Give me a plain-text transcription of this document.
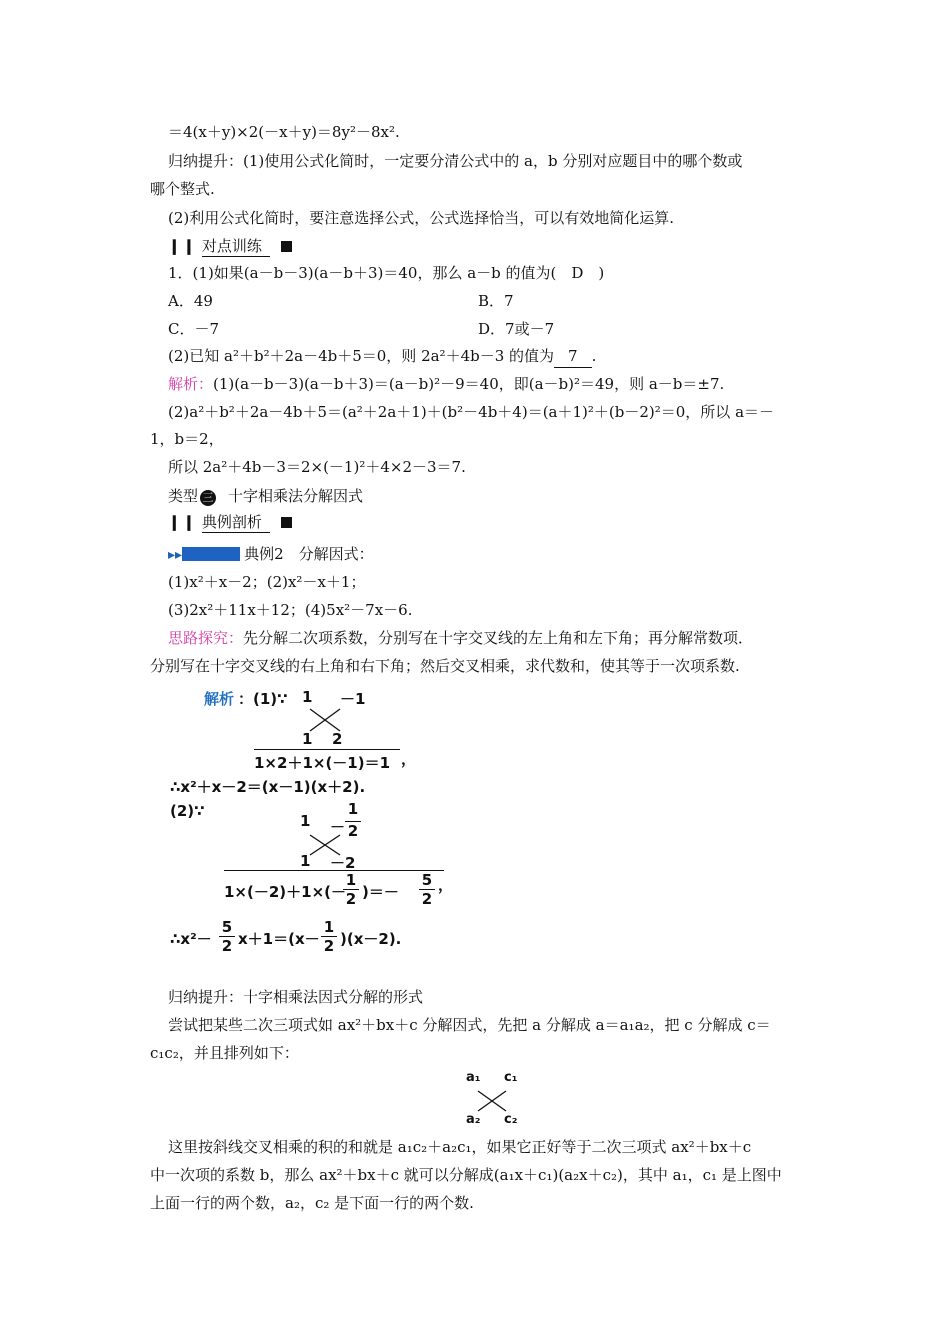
＝4(x＋y)×2(－x＋y)＝8y²－8x².
归纳提升：(1)使用公式化简时，一定要分清公式中的 a，b 分别对应题目中的哪个数或
哪个整式.
(2)利用公式化简时，要注意选择公式，公式选择恰当，可以有效地简化运算.
❙❙ 对点训练
1．(1)如果(a－b－3)(a－b＋3)＝40，那么 a－b 的值为(　D　)
A．49	B．7
C．－7	D．7或－7
(2)已知 a²＋b²＋2a－4b＋5＝0，则 2a²＋4b－3 的值为 7 .
解析：(1)(a－b－3)(a－b＋3)＝(a－b)²－9＝40，即(a－b)²＝49，则 a－b＝±7.
(2)a²＋b²＋2a－4b＋5＝(a²＋2a＋1)＋(b²－4b＋4)＝(a＋1)²＋(b－2)²＝0，所以 a＝－
1，b＝2，
所以 2a²＋4b－3＝2×(－1)²＋4×2－3＝7.
类型 三 十字相乘法分解因式
❙❙ 典例剖析
▸▸	典例2　分解因式：
(1)x²＋x－2；(2)x²－x＋1；
(3)2x²＋11x＋12；(4)5x²－7x－6.
思路探究：先分解二次项系数，分别写在十字交叉线的左上角和左下角；再分解常数项．
分别写在十字交叉线的右上角和右下角；然后交叉相乘，求代数和，使其等于一次项系数.
解析 ：(1)∵ 1 －1
1 2
1×2＋1×(－1)＝1 ，
∴x²＋x－2＝(x－1)(x＋2).
(2)∵
1 －
1
2
1 －2
1×(－2)＋1×(－
1
2 )＝－
5
2
，
∴x²－
5
2 x＋1＝(x－
1
2 )(x－2).
归纳提升：十字相乘法因式分解的形式
尝试把某些二次三项式如 ax²＋bx＋c 分解因式，先把 a 分解成 a＝a₁a₂，把 c 分解成 c＝
c₁c₂，并且排列如下：
a₁ c₁
a₂ c₂
这里按斜线交叉相乘的积的和就是 a₁c₂＋a₂c₁，如果它正好等于二次三项式 ax²＋bx＋c
中一次项的系数 b，那么 ax²＋bx＋c 就可以分解成(a₁x＋c₁)(a₂x＋c₂)，其中 a₁，c₁ 是上图中
上面一行的两个数，a₂，c₂ 是下面一行的两个数.
